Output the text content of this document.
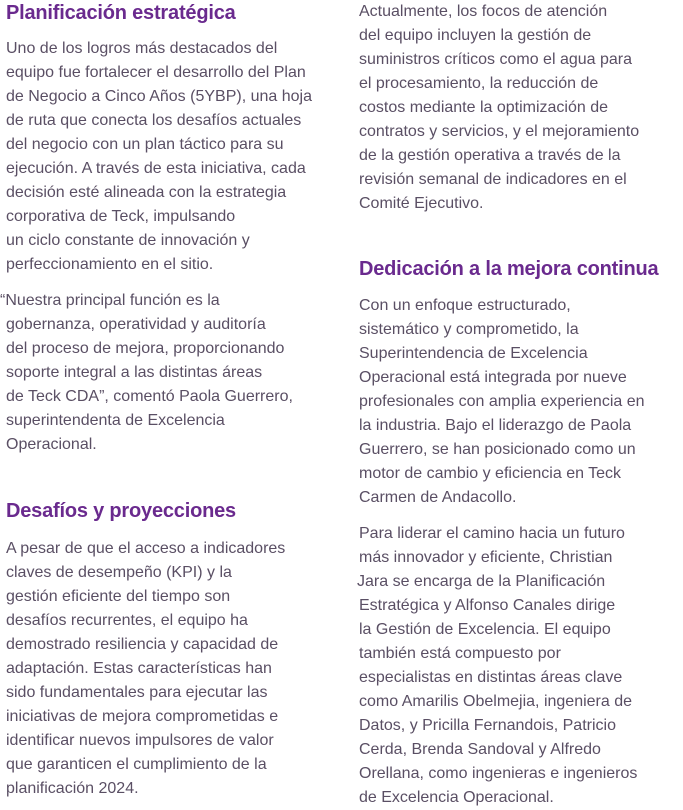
Planificación estratégica
Uno de los logros más destacados del
equipo fue fortalecer el desarrollo del Plan
de Negocio a Cinco Años (5YBP), una hoja
de ruta que conecta los desafíos actuales
del negocio con un plan táctico para su
ejecución. A través de esta iniciativa, cada
decisión esté alineada con la estrategia
corporativa de Teck, impulsando
un ciclo constante de innovación y
perfeccionamiento en el sitio.
“Nuestra principal función es la
gobernanza, operatividad y auditoría
del proceso de mejora, proporcionando
soporte integral a las distintas áreas
de Teck CDA”, comentó Paola Guerrero,
superintendenta de Excelencia
Operacional.
Desafíos y proyecciones
A pesar de que el acceso a indicadores
claves de desempeño (KPI) y la
gestión eficiente del tiempo son
desafíos recurrentes, el equipo ha
demostrado resiliencia y capacidad de
adaptación. Estas características han
sido fundamentales para ejecutar las
iniciativas de mejora comprometidas e
identificar nuevos impulsores de valor
que garanticen el cumplimiento de la
planificación 2024.
Actualmente, los focos de atención
del equipo incluyen la gestión de
suministros críticos como el agua para
el procesamiento, la reducción de
costos mediante la optimización de
contratos y servicios, y el mejoramiento
de la gestión operativa a través de la
revisión semanal de indicadores en el
Comité Ejecutivo.
Dedicación a la mejora continua
Con un enfoque estructurado,
sistemático y comprometido, la
Superintendencia de Excelencia
Operacional está integrada por nueve
profesionales con amplia experiencia en
la industria. Bajo el liderazgo de Paola
Guerrero, se han posicionado como un
motor de cambio y eficiencia en Teck
Carmen de Andacollo.
Para liderar el camino hacia un futuro
más innovador y eficiente, Christian
Jara se encarga de la Planificación
Estratégica y Alfonso Canales dirige
la Gestión de Excelencia. El equipo
también está compuesto por
especialistas en distintas áreas clave
como Amarilis Obelmejia, ingeniera de
Datos, y Pricilla Fernandois, Patricio
Cerda, Brenda Sandoval y Alfredo
Orellana, como ingenieras e ingenieros
de Excelencia Operacional.
